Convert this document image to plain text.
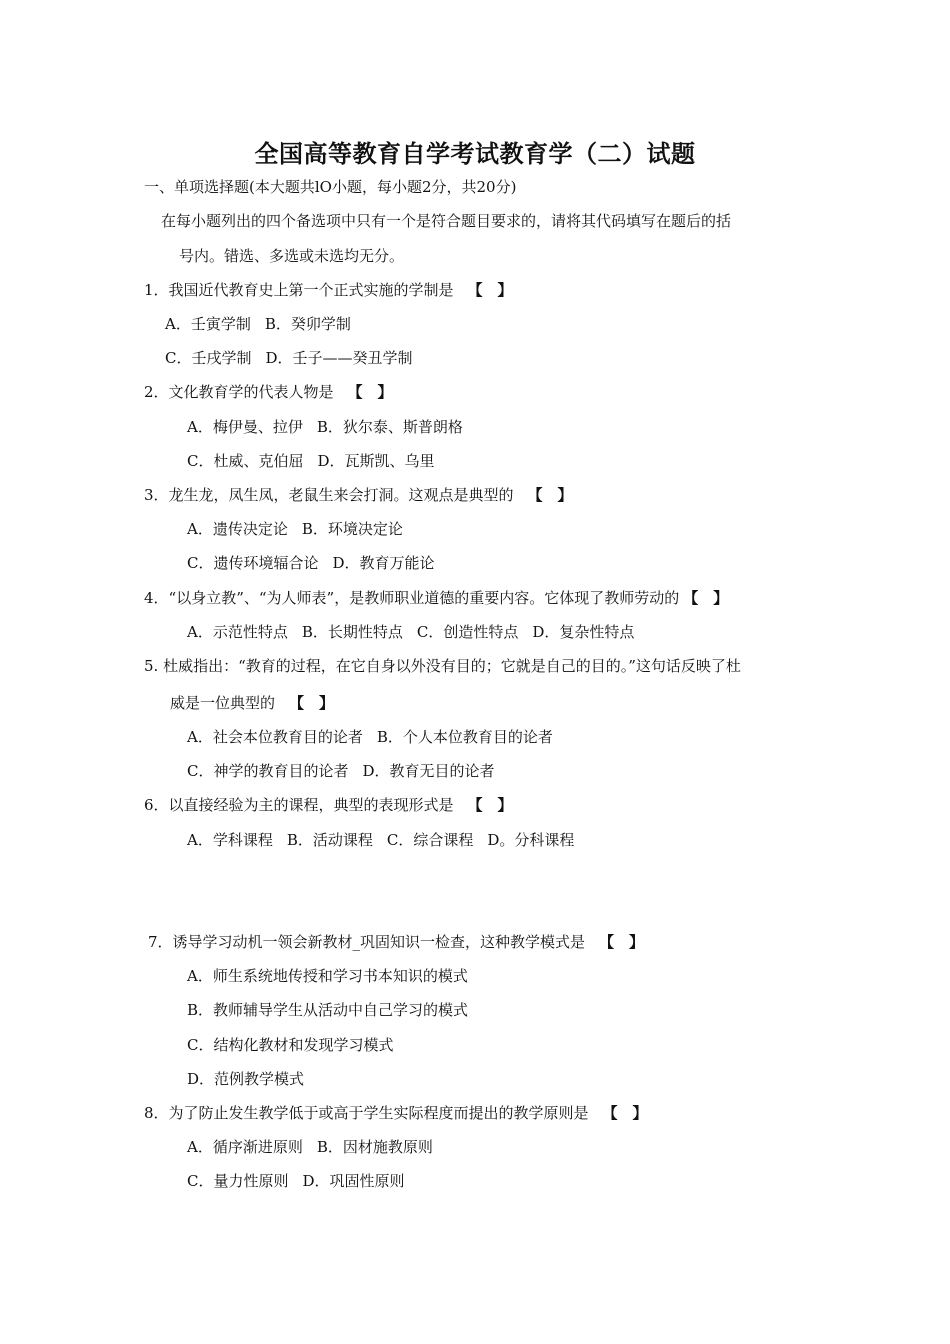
全国高等教育自学考试教育学（二）试题
一、单项选择题(本大题共lO小题，每小题2分，共20分)
在每小题列出的四个备选项中只有一个是符合题目要求的，请将其代码填写在题后的括
号内。错选、多选或未选均无分。
1．我国近代教育史上第一个正式实施的学制是 【　】
A．壬寅学制 B．癸卯学制
C．壬戌学制 D．壬子——癸丑学制
2．文化教育学的代表人物是 【　】
A．梅伊曼、拉伊 B．狄尔泰、斯普朗格
C．杜威、克伯屈 D．瓦斯凯、乌里
3．龙生龙，凤生凤，老鼠生来会打洞。这观点是典型的 【　】
A．遗传决定论 B．环境决定论
C．遗传环境辐合论 D．教育万能论
4．“以身立教”、“为人师表”，是教师职业道德的重要内容。它体现了教师劳动的 【　】
A．示范性特点 B．长期性特点 C．创造性特点 D．复杂性特点
5. 杜威指出：“教育的过程，在它自身以外没有目的；它就是自己的目的。”这句话反映了杜
威是一位典型的 【　】
A．社会本位教育目的论者 B．个人本位教育目的论者
C．神学的教育目的论者 D．教育无目的论者
6．以直接经验为主的课程，典型的表现形式是 【　】
A．学科课程 B．活动课程 C．综合课程 D。分科课程
7．诱导学习动机一领会新教材_巩固知识一检查，这种教学模式是 【　】
A．师生系统地传授和学习书本知识的模式
B．教师辅导学生从活动中自己学习的模式
C．结构化教材和发现学习模式
D．范例教学模式
8．为了防止发生教学低于或高于学生实际程度而提出的教学原则是 【　】
A．循序渐进原则 B．因材施教原则
C．量力性原则 D．巩固性原则
